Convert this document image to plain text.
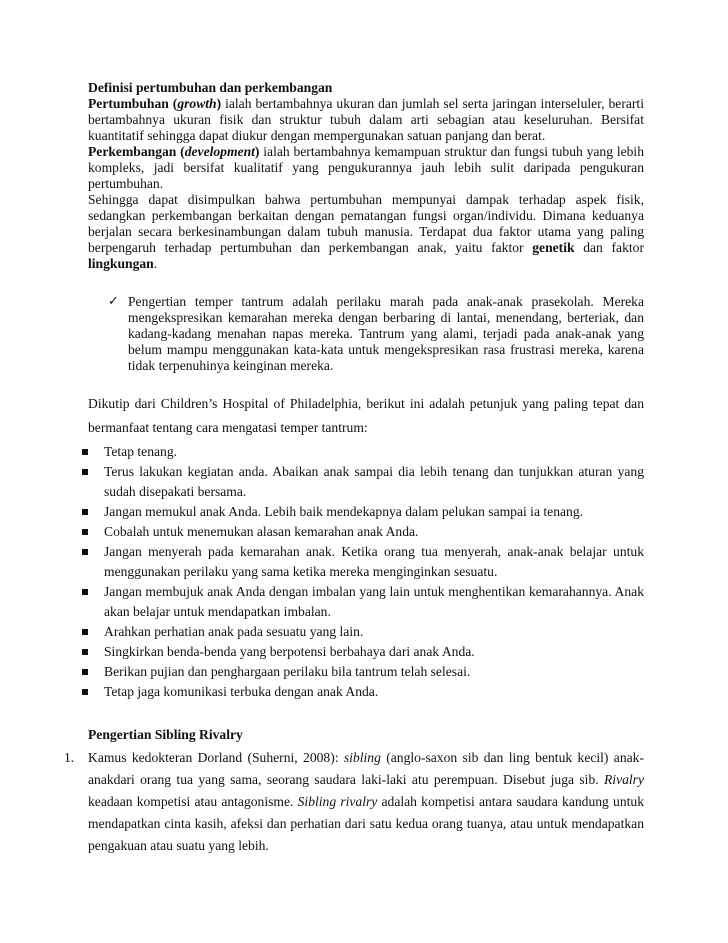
Definisi pertumbuhan dan perkembangan

Pertumbuhan (growth) ialah bertambahnya ukuran dan jumlah sel serta jaringan interseluler, berarti bertambahnya ukuran fisik dan struktur tubuh dalam arti sebagian atau keseluruhan. Bersifat kuantitatif sehingga dapat diukur dengan mempergunakan satuan panjang dan berat.

Perkembangan (development) ialah bertambahnya kemampuan struktur dan fungsi tubuh yang lebih kompleks, jadi bersifat kualitatif yang pengukurannya jauh lebih sulit daripada pengukuran pertumbuhan.

Sehingga dapat disimpulkan bahwa pertumbuhan mempunyai dampak terhadap aspek fisik, sedangkan perkembangan berkaitan dengan pematangan fungsi organ/individu. Dimana keduanya berjalan secara berkesinambungan dalam tubuh manusia. Terdapat dua faktor utama yang paling berpengaruh terhadap pertumbuhan dan perkembangan anak, yaitu faktor genetik dan faktor lingkungan.

✓ Pengertian temper tantrum adalah perilaku marah pada anak-anak prasekolah. Mereka mengekspresikan kemarahan mereka dengan berbaring di lantai, menendang, berteriak, dan kadang-kadang menahan napas mereka. Tantrum yang alami, terjadi pada anak-anak yang belum mampu menggunakan kata-kata untuk mengekspresikan rasa frustrasi mereka, karena tidak terpenuhinya keinginan mereka.
Dikutip dari Children’s Hospital of Philadelphia, berikut ini adalah petunjuk yang paling tepat dan bermanfaat tentang cara mengatasi temper tantrum:
Tetap tenang.
Terus lakukan kegiatan anda. Abaikan anak sampai dia lebih tenang dan tunjukkan aturan yang sudah disepakati bersama.
Jangan memukul anak Anda. Lebih baik mendekapnya dalam pelukan sampai ia tenang.
Cobalah untuk menemukan alasan kemarahan anak Anda.
Jangan menyerah pada kemarahan anak. Ketika orang tua menyerah, anak-anak belajar untuk menggunakan perilaku yang sama ketika mereka menginginkan sesuatu.
Jangan membujuk anak Anda dengan imbalan yang lain untuk menghentikan kemarahannya. Anak akan belajar untuk mendapatkan imbalan.
Arahkan perhatian anak pada sesuatu yang lain.
Singkirkan benda-benda yang berpotensi berbahaya dari anak Anda.
Berikan pujian dan penghargaan perilaku bila tantrum telah selesai.
Tetap jaga komunikasi terbuka dengan anak Anda.
Pengertian Sibling Rivalry
1.	Kamus kedokteran Dorland (Suherni, 2008): sibling (anglo-saxon sib dan ling bentuk kecil) anak-anakdari orang tua yang sama, seorang saudara laki-laki atu perempuan. Disebut juga sib. Rivalry keadaan kompetisi atau antagonisme. Sibling rivalry adalah kompetisi antara saudara kandung untuk mendapatkan cinta kasih, afeksi dan perhatian dari satu kedua orang tuanya, atau untuk mendapatkan pengakuan atau suatu yang lebih.
